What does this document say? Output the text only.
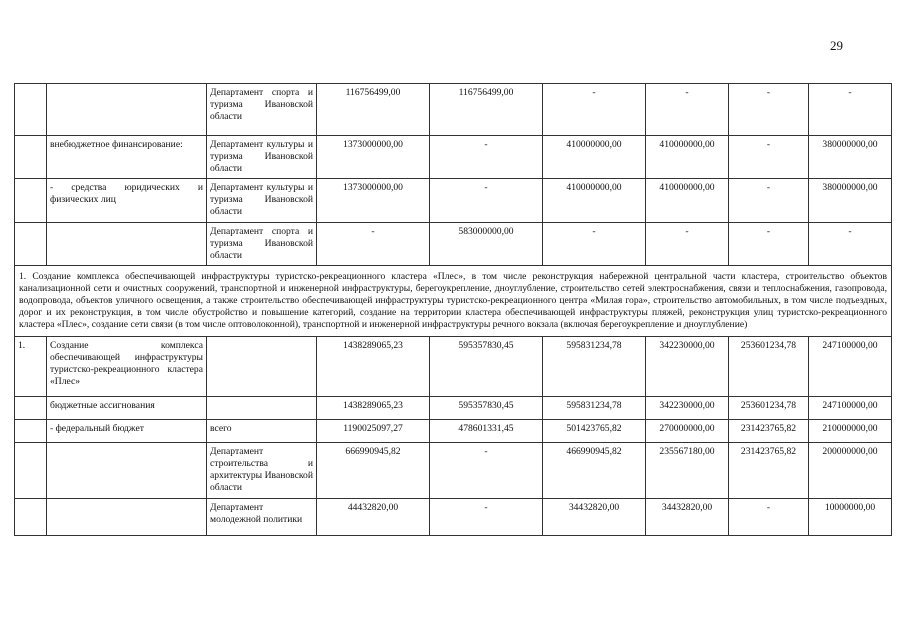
29
		Департамент спорта и туризма Ивановской области	116756499,00	116756499,00	-	-	-	-
	внебюджетное финансирование:	Департамент культуры и туризма Ивановской области	1373000000,00	-	410000000,00	410000000,00	-	380000000,00
	- средства юридических и физических лиц	Департамент культуры и туризма Ивановской области	1373000000,00	-	410000000,00	410000000,00	-	380000000,00
		Департамент спорта и туризма Ивановской области	-	583000000,00	-	-	-	-
1. Создание комплекса обеспечивающей инфраструктуры туристско-рекреационного кластера «Плес», в том числе реконструкция набережной центральной части кластера, строительство объектов канализационной сети и очистных сооружений, транспортной и инженерной инфраструктуры, берегоукрепление, дноуглубление, строительство сетей электроснабжения, связи и теплоснабжения, газопровода, водопровода, объектов уличного освещения, а также строительство обеспечивающей инфраструктуры туристско-рекреационного центра «Милая гора», строительство автомобильных, в том числе подъездных, дорог и их реконструкция, в том числе обустройство и повышение категорий, создание на территории кластера обеспечивающей инфраструктуры пляжей, реконструкция улиц туристско-рекреационного кластера «Плес», создание сети связи (в том числе оптоволоконной), транспортной и инженерной инфраструктуры речного вокзала (включая берегоукрепление и дноуглубление)								
1.	Создание комплекса обеспечивающей инфраструктуры туристско-рекреационного кластера «Плес»		1438289065,23	595357830,45	595831234,78	342230000,00	253601234,78	247100000,00
	бюджетные ассигнования		1438289065,23	595357830,45	595831234,78	342230000,00	253601234,78	247100000,00
	- федеральный бюджет	всего	1190025097,27	478601331,45	501423765,82	270000000,00	231423765,82	210000000,00
		Департамент строительства и архитектуры Ивановской области	666990945,82	-	466990945,82	235567180,00	231423765,82	200000000,00
		Департамент молодежной политики	44432820,00	-	34432820,00	34432820,00	-	10000000,00
